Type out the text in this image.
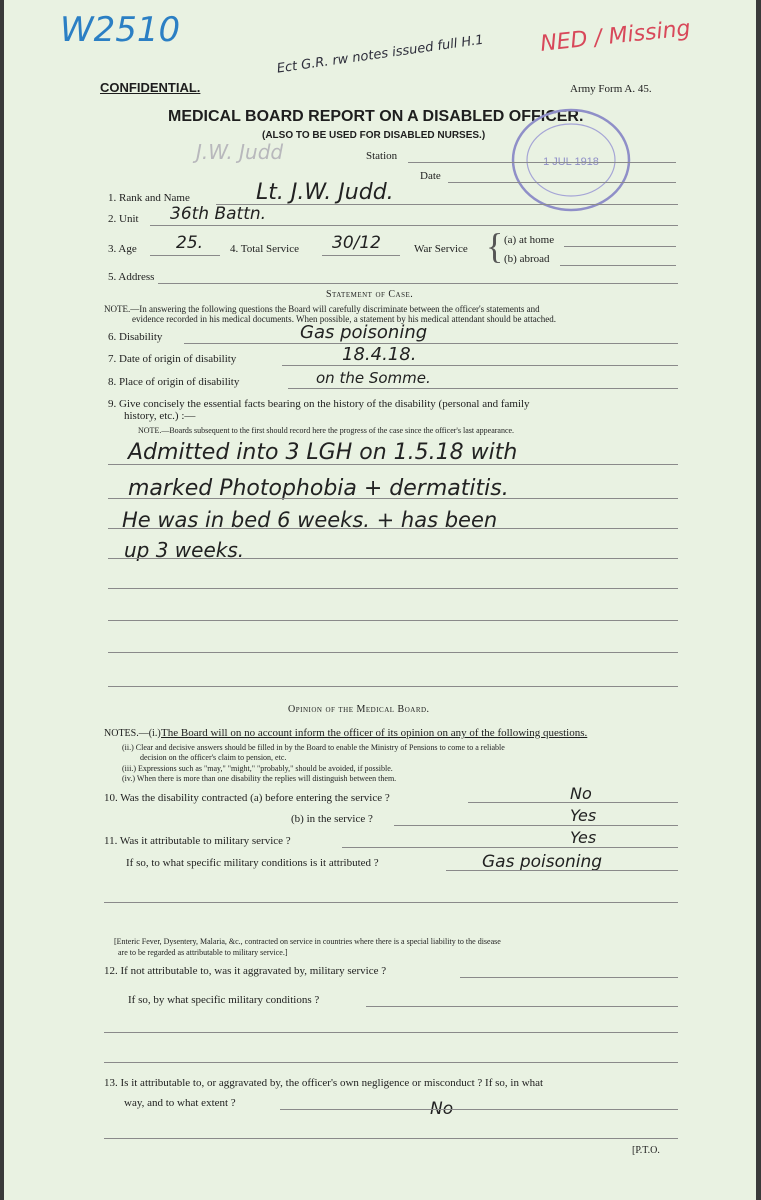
W2510
Ect G.R. rw notes issued full H.1 NED / Missing
CONFIDENTIAL.	Army Form A. 45.
MEDICAL BOARD REPORT ON A DISABLED OFFICER.
(ALSO TO BE USED FOR DISABLED NURSES.)
1 JUL 1918
J.W. Judd	Station
Date
1. Rank and Name	Lt. J.W. Judd.
2. Unit 36th Battn.
3. Age 25. 4. Total Service 30/12	War Service { (a) at home
(b) abroad
5. Address
Statement of Case.
NOTE.—In answering the following questions the Board will carefully discriminate between the officer's statements and
evidence recorded in his medical documents. When possible, a statement by his medical attendant should be attached.
6. Disability	Gas poisoning
7. Date of origin of disability	18.4.18.
8. Place of origin of disability	on the Somme.
9. Give concisely the essential facts bearing on the history of the disability (personal and family
history, etc.) :—
NOTE.—Boards subsequent to the first should record here the progress of the case since the officer's last appearance.
Admitted into 3 LGH on 1.5.18 with
marked Photophobia + dermatitis.
He was in bed 6 weeks. + has been
up 3 weeks.
Opinion of the Medical Board.
NOTES.—(i.) The Board will on no account inform the officer of its opinion on any of the following questions.
(ii.) Clear and decisive answers should be filled in by the Board to enable the Ministry of Pensions to come to a reliable
decision on the officer's claim to pension, etc.
(iii.) Expressions such as "may," "might," "probably," should be avoided, if possible.
(iv.) When there is more than one disability the replies will distinguish between them.
10. Was the disability contracted (a) before entering the service ?	No
(b) in the service ?	Yes
11. Was it attributable to military service ?	Yes
If so, to what specific military conditions is it attributed ?	Gas poisoning
[Enteric Fever, Dysentery, Malaria, &c., contracted on service in countries where there is a special liability to the disease
are to be regarded as attributable to military service.]
12. If not attributable to, was it aggravated by, military service ?
If so, by what specific military conditions ?
13. Is it attributable to, or aggravated by, the officer's own negligence or misconduct ? If so, in what
way, and to what extent ?	No
[P.T.O.
